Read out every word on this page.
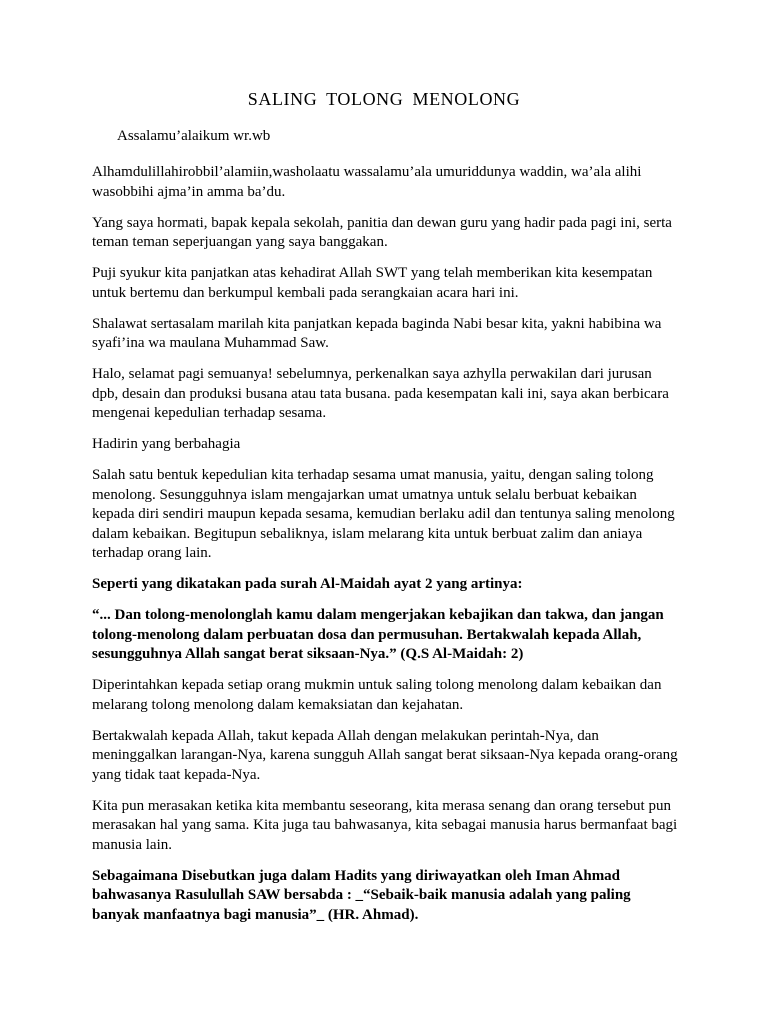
SALING TOLONG MENOLONG

Assalamu’alaikum wr.wb

Alhamdulillahirobbil’alamiin,washolaatu wassalamu’ala umuriddunya waddin, wa’ala alihi wasobbihi ajma’in amma ba’du.

Yang saya hormati, bapak kepala sekolah, panitia dan dewan guru yang hadir pada pagi ini, serta teman teman seperjuangan yang saya banggakan.

Puji syukur kita panjatkan atas kehadirat Allah SWT yang telah memberikan kita kesempatan untuk bertemu dan berkumpul kembali pada serangkaian acara hari ini.

Shalawat sertasalam marilah kita panjatkan kepada baginda Nabi besar kita, yakni habibina wa syafi’ina wa maulana Muhammad Saw.

Halo, selamat pagi semuanya! sebelumnya, perkenalkan saya azhylla perwakilan dari jurusan dpb, desain dan produksi busana atau tata busana. pada kesempatan kali ini, saya akan berbicara mengenai kepedulian terhadap sesama.

Hadirin yang berbahagia

Salah satu bentuk kepedulian kita terhadap sesama umat manusia, yaitu, dengan saling tolong menolong. Sesungguhnya islam mengajarkan umat umatnya untuk selalu berbuat kebaikan kepada diri sendiri maupun kepada sesama, kemudian berlaku adil dan tentunya saling menolong dalam kebaikan. Begitupun sebaliknya, islam melarang kita untuk berbuat zalim dan aniaya terhadap orang lain.

Seperti yang dikatakan pada surah Al-Maidah ayat 2 yang artinya:

“... Dan tolong-menolonglah kamu dalam mengerjakan kebajikan dan takwa, dan jangan tolong-menolong dalam perbuatan dosa dan permusuhan. Bertakwalah kepada Allah, sesungguhnya Allah sangat berat siksaan-Nya.” (Q.S Al-Maidah: 2)

Diperintahkan kepada setiap orang mukmin untuk saling tolong menolong dalam kebaikan dan melarang tolong menolong dalam kemaksiatan dan kejahatan.

Bertakwalah kepada Allah, takut kepada Allah dengan melakukan perintah-Nya, dan meninggalkan larangan-Nya, karena sungguh Allah sangat berat siksaan-Nya kepada orang-orang yang tidak taat kepada-Nya.

Kita pun merasakan ketika kita membantu seseorang, kita merasa senang dan orang tersebut pun merasakan hal yang sama. Kita juga tau bahwasanya, kita sebagai manusia harus bermanfaat bagi manusia lain.

Sebagaimana Disebutkan juga dalam Hadits yang diriwayatkan oleh Iman Ahmad bahwasanya Rasulullah SAW bersabda : _“Sebaik-baik manusia adalah yang paling banyak manfaatnya bagi manusia”_ (HR. Ahmad).
